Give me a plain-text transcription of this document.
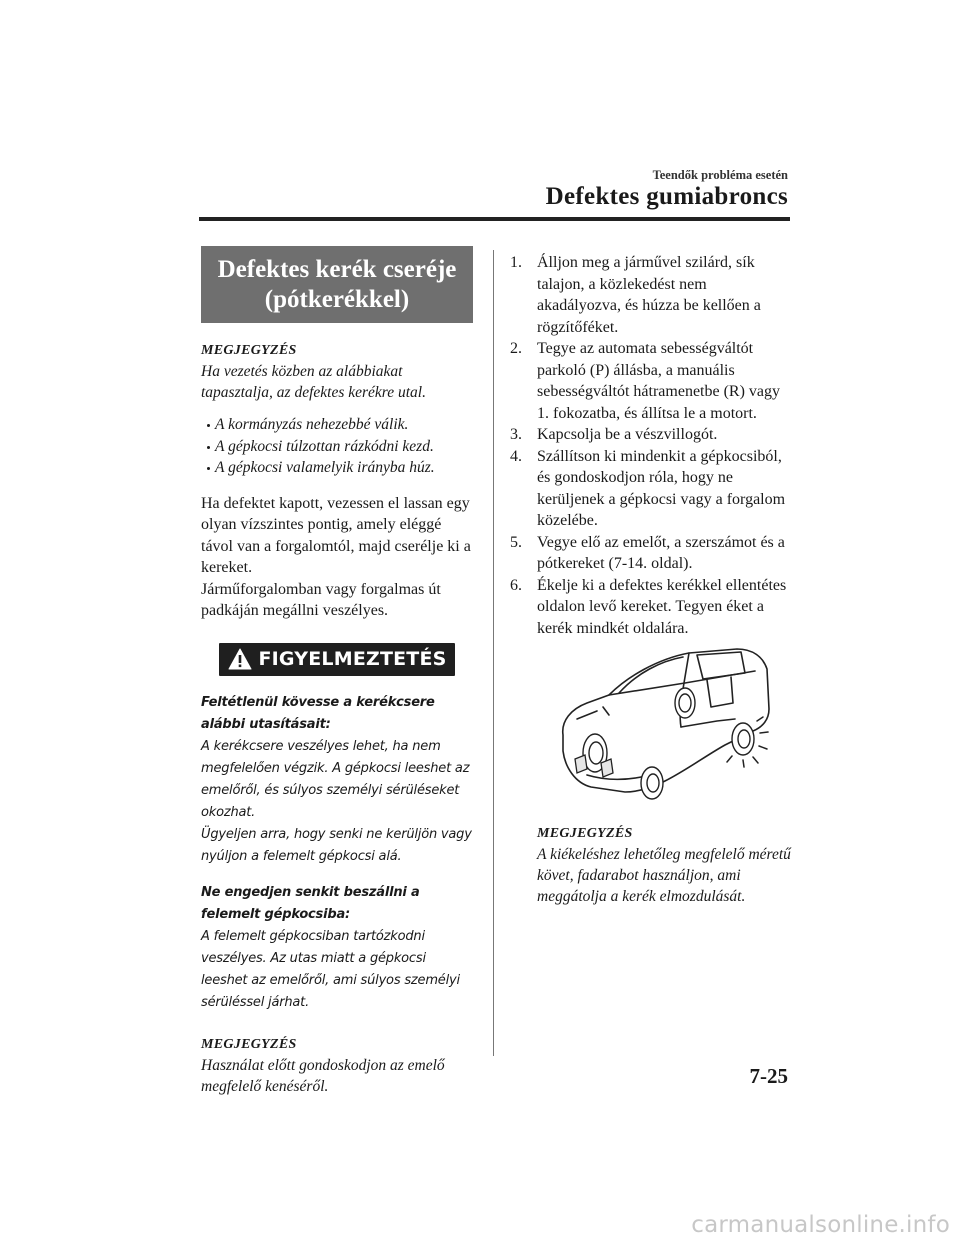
Teendők probléma esetén
Defektes gumiabroncs
Defektes kerék cseréje
(pótkerékkel)
MEGJEGYZÉS

Ha vezetés közben az alábbiakat tapasztalja, az defektes kerékre utal.

A kormányzás nehezebbé válik.
A gépkocsi túlzottan rázkódni kezd.
A gépkocsi valamelyik irányba húz.

Ha defektet kapott, vezessen el lassan egy olyan vízszintes pontig, amely eléggé távol van a forgalomtól, majd cserélje ki a kereket.

Járműforgalomban vagy forgalmas út padkáján megállni veszélyes.

FIGYELMEZTETÉS

Feltétlenül kövesse a kerékcsere alábbi utasításait:

A kerékcsere veszélyes lehet, ha nem megfelelően végzik. A gépkocsi leeshet az emelőről, és súlyos személyi sérüléseket okozhat.

Ügyeljen arra, hogy senki ne kerüljön vagy nyúljon a felemelt gépkocsi alá.

Ne engedjen senkit beszállni a felemelt gépkocsiba:

A felemelt gépkocsiban tartózkodni veszélyes. Az utas miatt a gépkocsi leeshet az emelőről, ami súlyos személyi sérüléssel járhat.

MEGJEGYZÉS

Használat előtt gondoskodjon az emelő megfelelő kenéséről.

1. Álljon meg a járművel szilárd, sík talajon, a közlekedést nem akadályozva, és húzza be kellően a rögzítőféket.
2. Tegye az automata sebességváltót parkoló (P) állásba, a manuális sebességváltót hátramenetbe (R) vagy 1. fokozatba, és állítsa le a motort.
3. Kapcsolja be a vészvillogót.
4. Szállítson ki mindenkit a gépkocsiból, és gondoskodjon róla, hogy ne kerüljenek a gépkocsi vagy a forgalom közelébe.
5. Vegye elő az emelőt, a szerszámot és a pótkereket (7-14. oldal).
6. Ékelje ki a defektes kerékkel ellentétes oldalon levő kereket. Tegyen éket a kerék mindkét oldalára.
MEGJEGYZÉS

A kiékeléshez lehetőleg megfelelő méretű követ, fadarabot használjon, ami meggátolja a kerék elmozdulását.

7-25
carmanualsonline.info
